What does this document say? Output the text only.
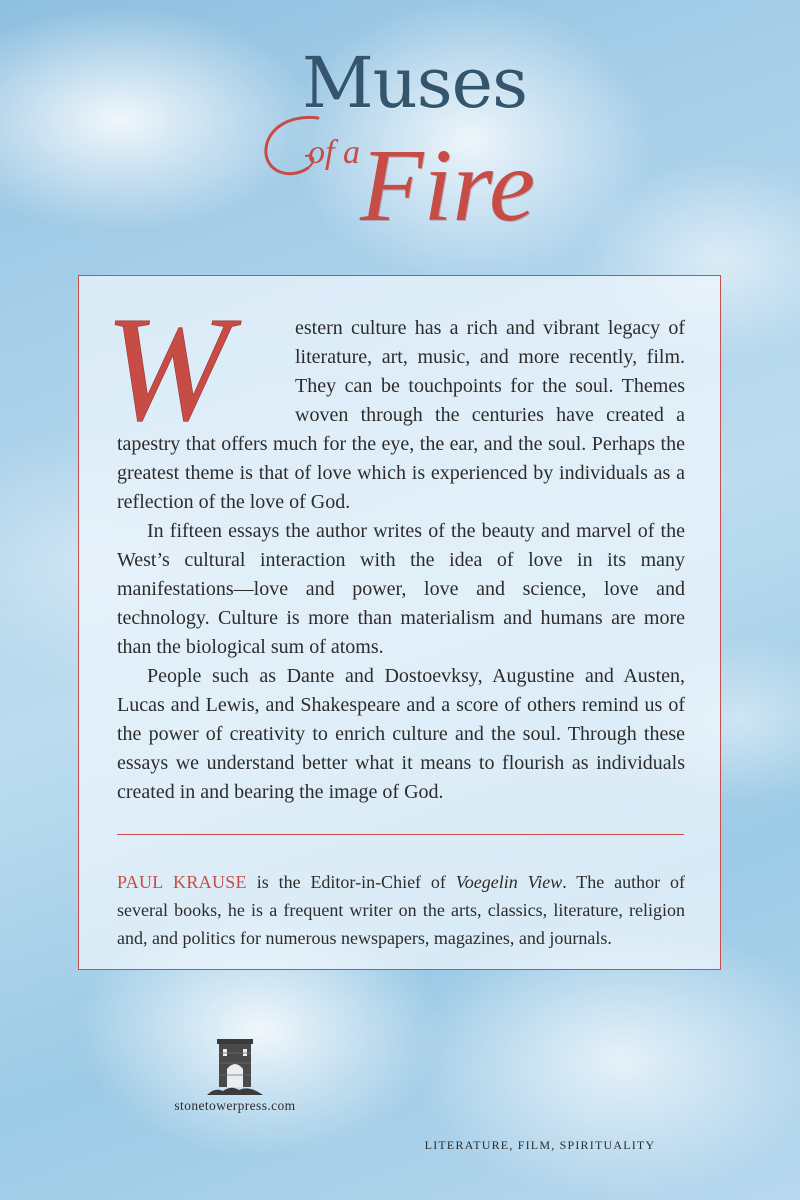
Muses
of a Fire
W	estern culture has a rich and vibrant legacy of literature, art, music, and more recently, film. They can be touchpoints for the soul. Themes woven through the centuries have created a tapestry that offers much for the eye, the ear, and the soul. Perhaps the greatest theme is that of love which is experienced by individuals as a reflection of the love of God.

In fifteen essays the author writes of the beauty and marvel of the West’s cultural interaction with the idea of love in its many manifestations—love and power, love and science, love and technology. Culture is more than materialism and humans are more than the biological sum of atoms.

People such as Dante and Dostoevksy, Augustine and Austen, Lucas and Lewis, and Shakespeare and a score of others remind us of the power of creativity to enrich culture and the soul. Through these essays we understand better what it means to flourish as individuals created in and bearing the image of God.

PAUL KRAUSE is the Editor-in-Chief of Voegelin View. The author of several books, he is a frequent writer on the arts, classics, literature, religion and, and politics for numerous newspapers, magazines, and journals.

stonetowerpress.com
LITERATURE, FILM, SPIRITUALITY
